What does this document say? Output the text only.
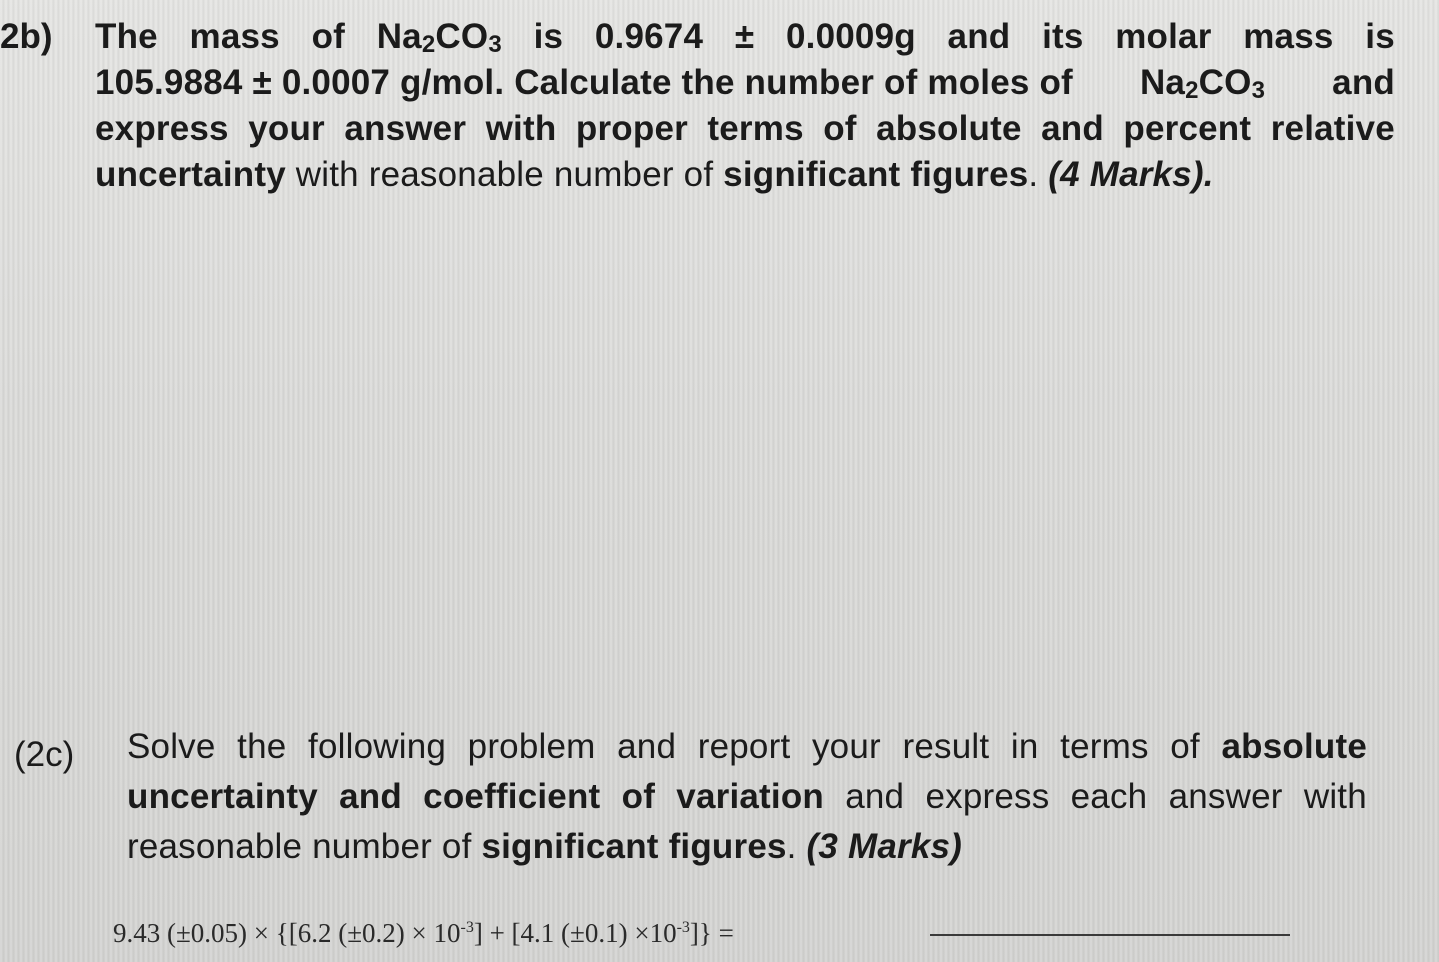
2b) The mass of Na2CO3 is 0.9674 ± 0.0009g and its molar mass is
105.9884 ± 0.0007 g/mol. Calculate the number of moles of Na2CO3 and
express your answer with proper terms of absolute and percent relative
uncertainty with reasonable number of significant figures. (4 Marks).
(2c) Solve the following problem and report your result in terms of absolute
uncertainty and coefficient of variation and express each answer with
reasonable number of significant figures. (3 Marks)
9.43 (±0.05) × {[6.2 $(\pm 0.2) \times 10^{-3}] + [4.1$ $(\pm 0.1) \times 10^{-3}$]} =
